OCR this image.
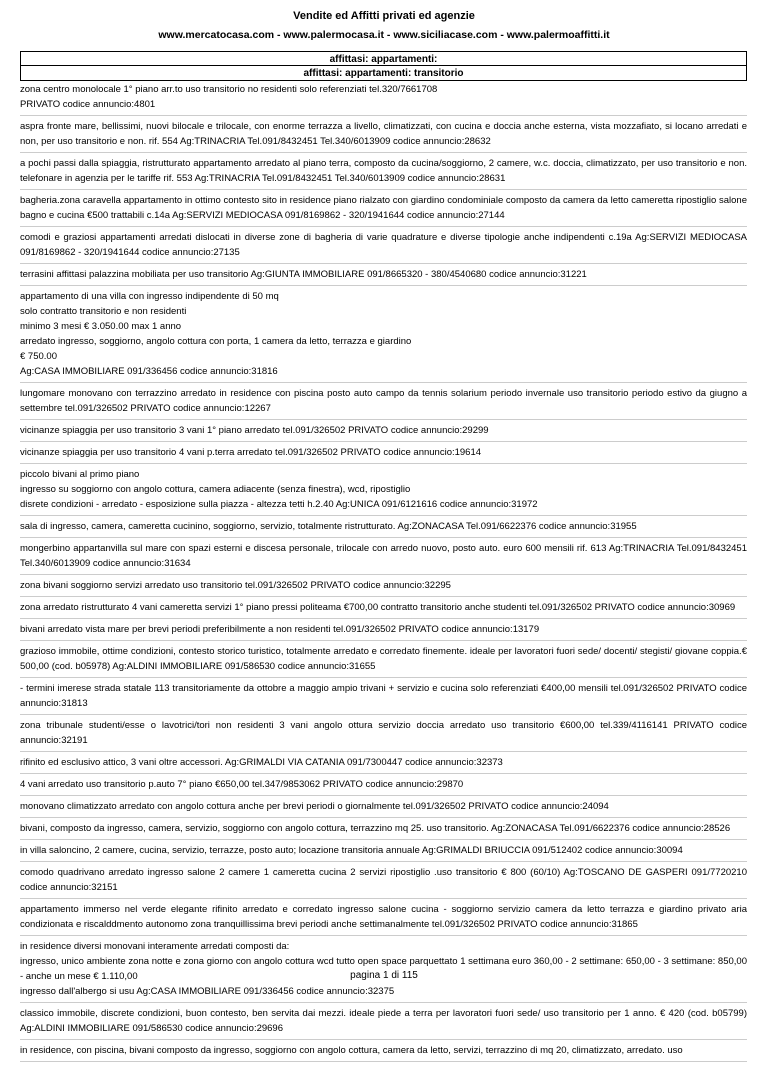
Vendite ed Affitti privati ed agenzie
www.mercatocasa.com - www.palermocasa.it - www.siciliacase.com - www.palermoaffitti.it
affittasi: appartamenti:
affittasi: appartamenti: transitorio
zona centro monolocale 1° piano arr.to uso transitorio no residenti solo referenziati tel.320/7661708
PRIVATO codice annuncio:4801
aspra fronte mare, bellissimi, nuovi bilocale e trilocale, con enorme terrazza a livello, climatizzati, con cucina e doccia anche esterna, vista mozzafiato, si locano arredati e non, per uso transitorio e non. rif. 554 Ag:TRINACRIA Tel.091/8432451 Tel.340/6013909 codice annuncio:28632
a pochi passi dalla spiaggia, ristrutturato appartamento arredato al piano terra, composto da cucina/soggiorno, 2 camere, w.c. doccia, climatizzato, per uso transitorio e non. telefonare in agenzia per le tariffe rif. 553 Ag:TRINACRIA Tel.091/8432451 Tel.340/6013909 codice annuncio:28631
bagheria.zona caravella appartamento in ottimo contesto sito in residence piano rialzato con giardino condominiale composto da camera da letto cameretta ripostiglio salone bagno e cucina €500 trattabili c.14a Ag:SERVIZI MEDIOCASA 091/8169862 - 320/1941644 codice annuncio:27144
comodi e graziosi appartamenti arredati dislocati in diverse zone di bagheria di varie quadrature e diverse tipologie anche indipendenti c.19a Ag:SERVIZI MEDIOCASA 091/8169862 - 320/1941644 codice annuncio:27135
terrasini affittasi palazzina mobiliata per uso transitorio Ag:GIUNTA IMMOBILIARE 091/8665320 - 380/4540680 codice annuncio:31221
appartamento di una villa con ingresso indipendente di 50 mq
solo contratto transitorio e non residenti
minimo 3 mesi € 3.050.00 max 1 anno
arredato ingresso, soggiorno, angolo cottura con porta, 1 camera da letto, terrazza e giardino
€ 750.00
Ag:CASA IMMOBILIARE 091/336456 codice annuncio:31816
lungomare monovano con terrazzino arredato in residence con piscina posto auto campo da tennis solarium periodo invernale uso transitorio periodo estivo da giugno a settembre tel.091/326502 PRIVATO codice annuncio:12267
vicinanze spiaggia per uso transitorio 3 vani 1° piano arredato tel.091/326502 PRIVATO codice annuncio:29299
vicinanze spiaggia per uso transitorio 4 vani p.terra arredato tel.091/326502 PRIVATO codice annuncio:19614
piccolo bivani al primo piano
ingresso su soggiorno con angolo cottura, camera adiacente (senza finestra), wcd, ripostiglio
disrete condizioni - arredato - esposizione sulla piazza - altezza tetti h.2.40 Ag:UNICA 091/6121616 codice annuncio:31972
sala di ingresso, camera, cameretta cucinino, soggiorno, servizio, totalmente ristrutturato. Ag:ZONACASA Tel.091/6622376 codice annuncio:31955
mongerbino appartanvilla sul mare con spazi esterni e discesa personale, trilocale con arredo nuovo, posto auto. euro 600 mensili rif. 613 Ag:TRINACRIA Tel.091/8432451 Tel.340/6013909 codice annuncio:31634
zona bivani soggiorno servizi arredato uso transitorio tel.091/326502 PRIVATO codice annuncio:32295
zona arredato ristrutturato 4 vani cameretta servizi 1° piano pressi politeama €700,00 contratto transitorio anche studenti tel.091/326502 PRIVATO codice annuncio:30969
bivani arredato vista mare per brevi periodi preferibilmente a non residenti tel.091/326502 PRIVATO codice annuncio:13179
grazioso immobile, ottime condizioni, contesto storico turistico, totalmente arredato e corredato finemente. ideale per lavoratori fuori sede/ docenti/ stegisti/ giovane coppia.€ 500,00 (cod. b05978) Ag:ALDINI IMMOBILIARE 091/586530 codice annuncio:31655
- termini imerese strada statale 113 transitoriamente da ottobre a maggio ampio trivani + servizio e cucina solo referenziati €400,00 mensili tel.091/326502 PRIVATO codice annuncio:31813
zona tribunale studenti/esse o lavotrici/tori non residenti 3 vani angolo ottura servizio doccia arredato uso transitorio €600,00 tel.339/4116141 PRIVATO codice annuncio:32191
rifinito ed esclusivo attico, 3 vani oltre accessori. Ag:GRIMALDI VIA CATANIA 091/7300447 codice annuncio:32373
4 vani arredato uso transitorio p.auto 7° piano €650,00 tel.347/9853062 PRIVATO codice annuncio:29870
monovano climatizzato arredato con angolo cottura anche per brevi periodi o giornalmente tel.091/326502 PRIVATO codice annuncio:24094
bivani, composto da ingresso, camera, servizio, soggiorno con angolo cottura, terrazzino mq 25. uso transitorio. Ag:ZONACASA Tel.091/6622376 codice annuncio:28526
in villa saloncino, 2 camere, cucina, servizio, terrazze, posto auto; locazione transitoria annuale Ag:GRIMALDI BRIUCCIA 091/512402 codice annuncio:30094
comodo quadrivano arredato ingresso salone 2 camere 1 cameretta cucina 2 servizi ripostiglio .uso transitorio € 800 (60/10) Ag:TOSCANO DE GASPERI 091/7720210 codice annuncio:32151
appartamento immerso nel verde elegante rifinito arredato e corredato ingresso salone cucina - soggiorno servizio camera da letto terrazza e giardino privato aria condizionata e riscalddmento autonomo zona tranquillissima brevi periodi anche settimanalmente tel.091/326502 PRIVATO codice annuncio:31865
in residence diversi monovani interamente arredati composti da:
ingresso, unico ambiente zona notte e zona giorno con angolo cottura wcd tutto open space parquettato 1 settimana euro 360,00 - 2 settimane: 650,00 - 3 settimane: 850,00 - anche un mese € 1.110,00
ingresso dall'albergo si usu Ag:CASA IMMOBILIARE 091/336456 codice annuncio:32375
classico immobile, discrete condizioni, buon contesto, ben servita dai mezzi. ideale piede a terra per lavoratori fuori sede/ uso transitorio per 1 anno. € 420 (cod. b05799) Ag:ALDINI IMMOBILIARE 091/586530 codice annuncio:29696
in residence, con piscina, bivani composto da ingresso, soggiorno con angolo cottura, camera da letto, servizi, terrazzino di mq 20, climatizzato, arredato. uso
pagina 1 di 115
